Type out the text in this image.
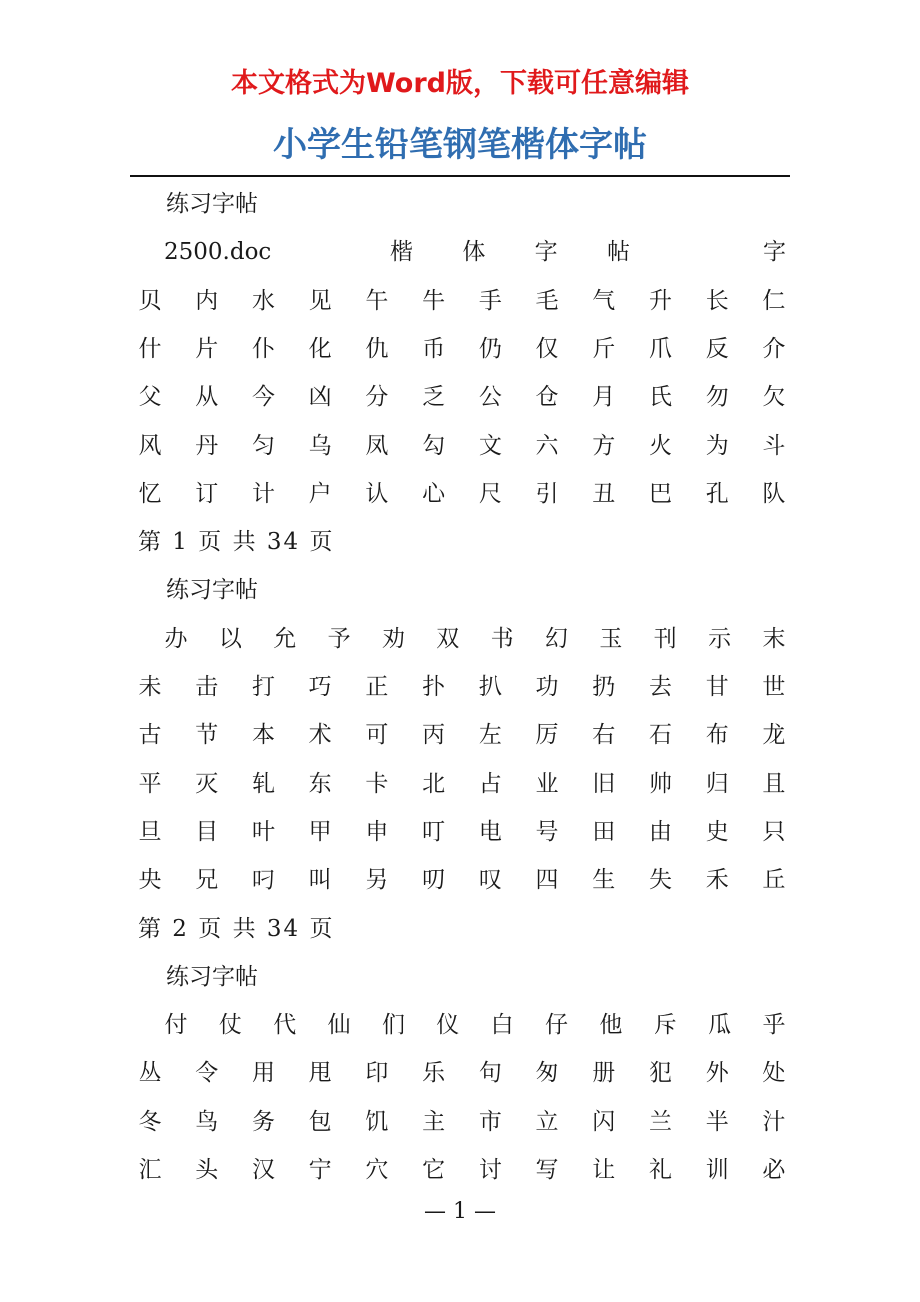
本文格式为Word版，下载可任意编辑
小学生铅笔钢笔楷体字帖
练习字帖
2500.doc	楷 体 字 帖	字
贝 内 水 见 午 牛 手 毛 气 升 长 仁
什 片 仆 化 仇 币 仍 仅 斤 爪 反 介
父 从 今 凶 分 乏 公 仓 月 氏 勿 欠
风 丹 匀 乌 凤 勾 文 六 方 火 为 斗
忆 订 计 户 认 心 尺 引 丑 巴 孔 队
第 1 页 共 34 页
练习字帖
办 以 允 予 劝 双 书 幻 玉 刊 示 末
未 击 打 巧 正 扑 扒 功 扔 去 甘 世
古 节 本 术 可 丙 左 厉 右 石 布 龙
平 灭 轧 东 卡 北 占 业 旧 帅 归 且
旦 目 叶 甲 申 叮 电 号 田 由 史 只
央 兄 叼 叫 另 叨 叹 四 生 失 禾 丘
第 2 页 共 34 页
练习字帖
付 仗 代 仙 们 仪 白 仔 他 斥 瓜 乎
丛 令 用 甩 印 乐 句 匆 册 犯 外 处
冬 鸟 务 包 饥 主 市 立 闪 兰 半 汁
汇 头 汉 宁 穴 它 讨 写 让 礼 训 必
— 1 —
